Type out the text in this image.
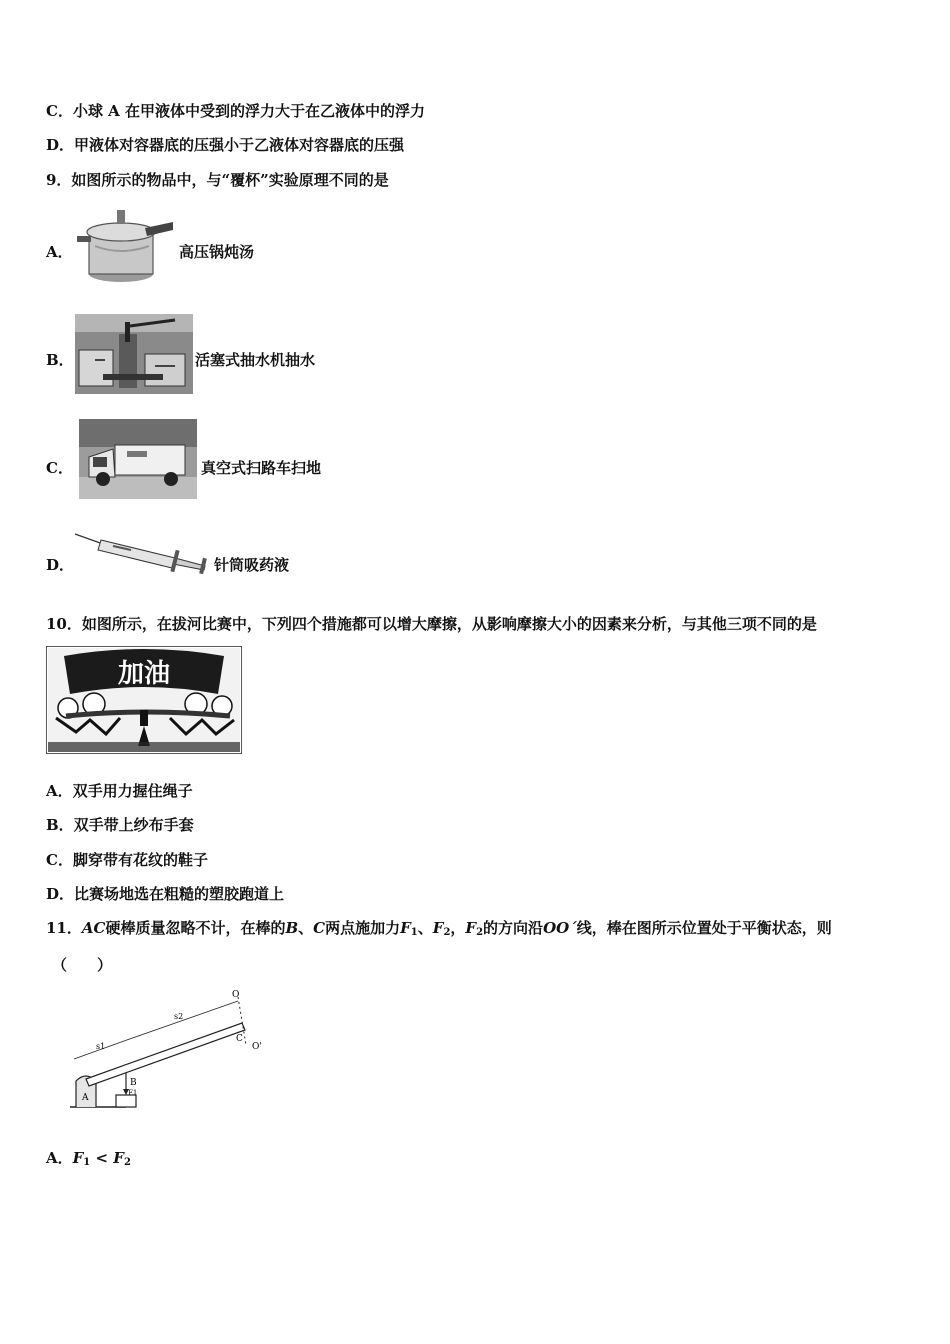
C．小球 A 在甲液体中受到的浮力大于在乙液体中的浮力
D．甲液体对容器底的压强小于乙液体对容器底的压强
9．如图所示的物品中，与“覆杯”实验原理不同的是
A．	高压锅炖汤
B．	活塞式抽水机抽水
C．	真空式扫路车扫地
D．	针筒吸药液
10．如图所示，在拔河比赛中，下列四个措施都可以增大摩擦，从影响摩擦大小的因素来分析，与其他三项不同的是
加油
A．双手用力握住绳子
B．双手带上纱布手套
C．脚穿带有花纹的鞋子
D．比赛场地选在粗糙的塑胶跑道上
11．AC硬棒质量忽略不计，在棒的B、C两点施加力$F_1$、$F_2$，$F_2$的方向沿OO´线，棒在图所示位置处于平衡状态，则
（　　）
A
B
F1
O
O'
C
s1
s2
A．$F_1 < F_2$
